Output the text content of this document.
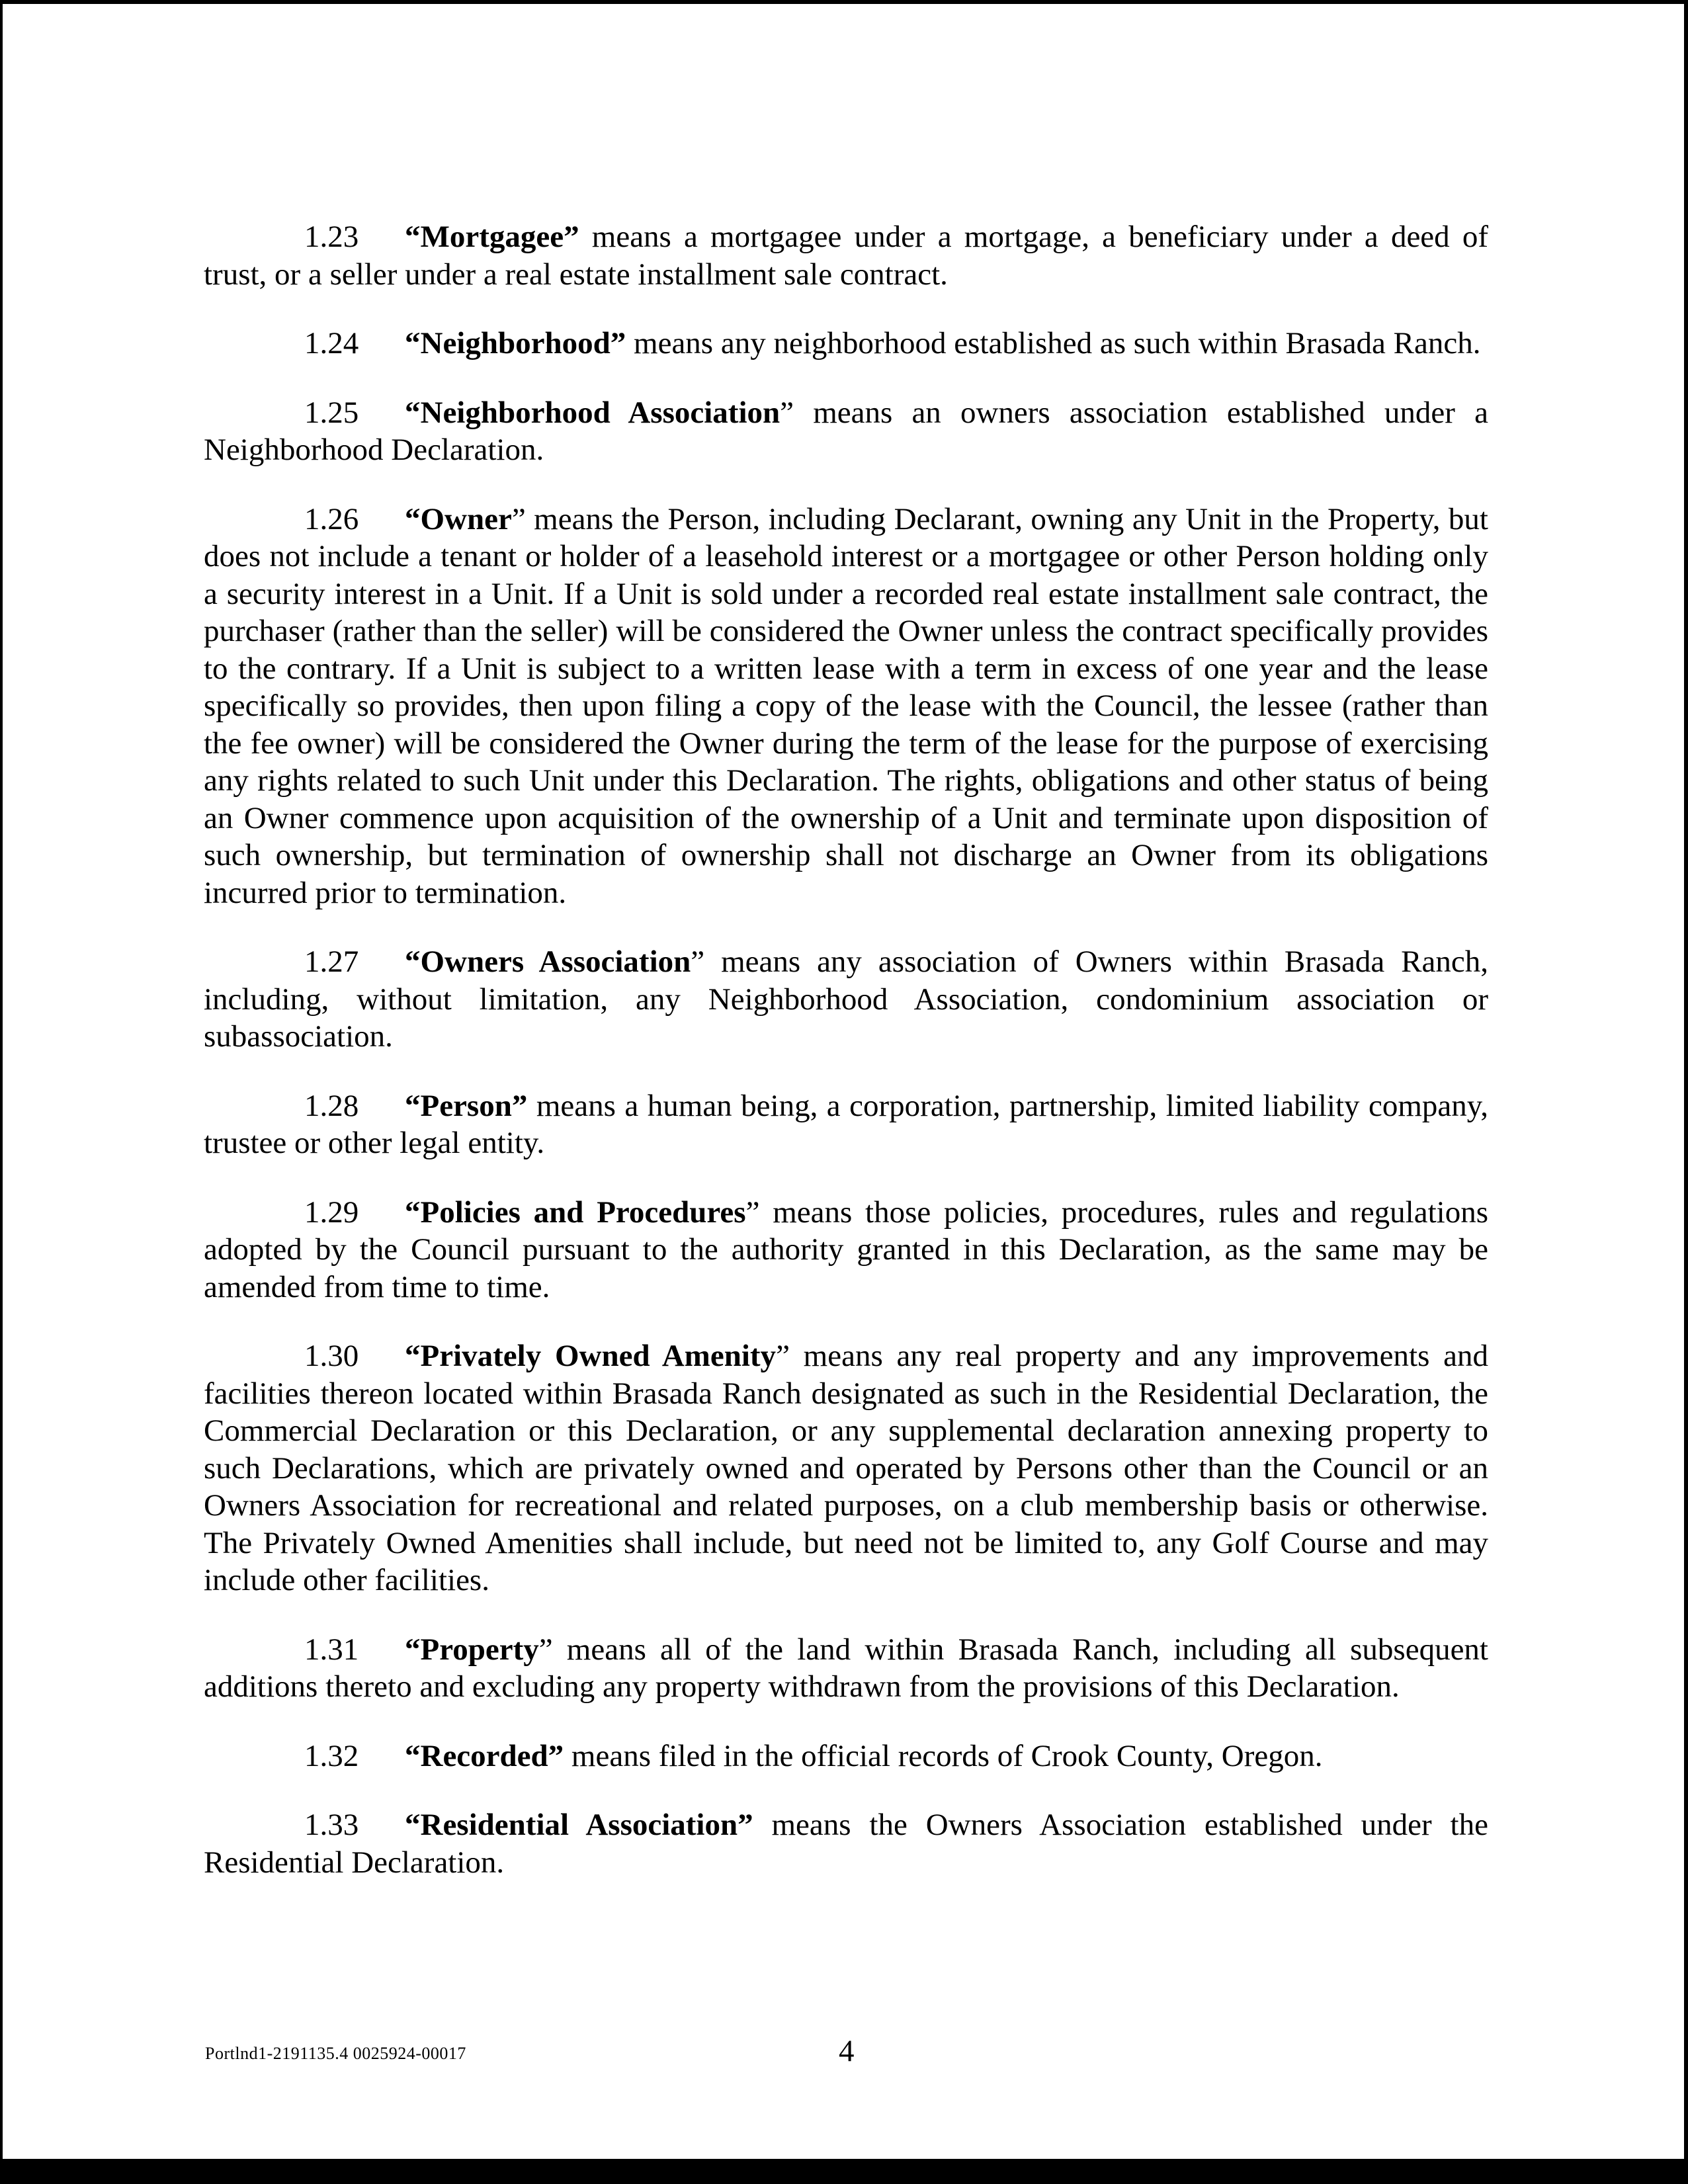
1.23 “Mortgagee” means a mortgagee under a mortgage, a beneficiary under a deed of trust, or a seller under a real estate installment sale contract.

1.24 “Neighborhood” means any neighborhood established as such within Brasada Ranch.

1.25 “Neighborhood Association” means an owners association established under a Neighborhood Declaration.

1.26 “Owner” means the Person, including Declarant, owning any Unit in the Property, but does not include a tenant or holder of a leasehold interest or a mortgagee or other Person holding only a security interest in a Unit. If a Unit is sold under a recorded real estate installment sale contract, the purchaser (rather than the seller) will be considered the Owner unless the contract specifically provides to the contrary. If a Unit is subject to a written lease with a term in excess of one year and the lease specifically so provides, then upon filing a copy of the lease with the Council, the lessee (rather than the fee owner) will be considered the Owner during the term of the lease for the purpose of exercising any rights related to such Unit under this Declaration. The rights, obligations and other status of being an Owner commence upon acquisition of the ownership of a Unit and terminate upon disposition of such ownership, but termination of ownership shall not discharge an Owner from its obligations incurred prior to termination.

1.27 “Owners Association” means any association of Owners within Brasada Ranch, including, without limitation, any Neighborhood Association, condominium association or subassociation.

1.28 “Person” means a human being, a corporation, partnership, limited liability company, trustee or other legal entity.

1.29 “Policies and Procedures” means those policies, procedures, rules and regulations adopted by the Council pursuant to the authority granted in this Declaration, as the same may be amended from time to time.

1.30 “Privately Owned Amenity” means any real property and any improvements and facilities thereon located within Brasada Ranch designated as such in the Residential Declaration, the Commercial Declaration or this Declaration, or any supplemental declaration annexing property to such Declarations, which are privately owned and operated by Persons other than the Council or an Owners Association for recreational and related purposes, on a club membership basis or otherwise. The Privately Owned Amenities shall include, but need not be limited to, any Golf Course and may include other facilities.

1.31 “Property” means all of the land within Brasada Ranch, including all subsequent additions thereto and excluding any property withdrawn from the provisions of this Declaration.

1.32 “Recorded” means filed in the official records of Crook County, Oregon.

1.33 “Residential Association” means the Owners Association established under the Residential Declaration.

Portlnd1-2191135.4 0025924-00017	4
